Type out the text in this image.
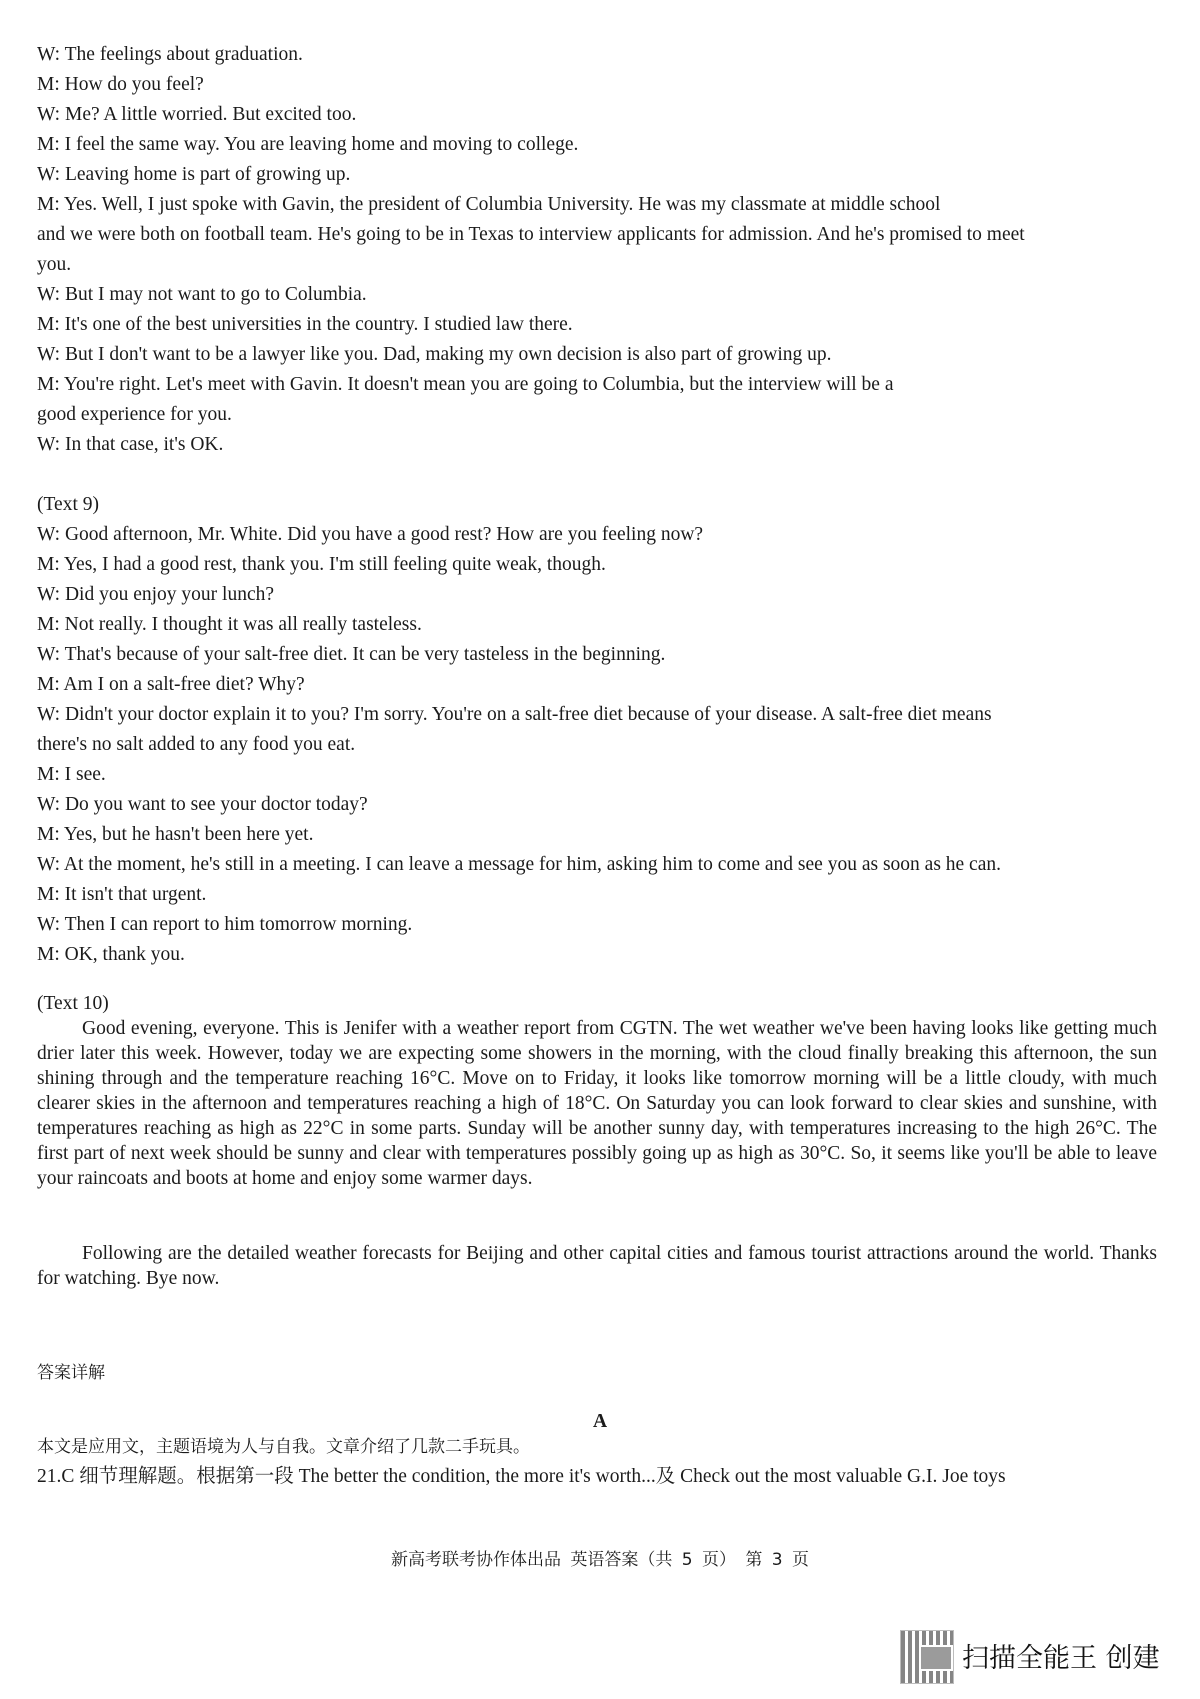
W: The feelings about graduation.
M: How do you feel?
W: Me? A little worried. But excited too.
M: I feel the same way. You are leaving home and moving to college.
W: Leaving home is part of growing up.
M: Yes. Well, I just spoke with Gavin, the president of Columbia University. He was my classmate at middle school
and we were both on football team. He's going to be in Texas to interview applicants for admission. And he's promised to meet
you.
W: But I may not want to go to Columbia.
M: It's one of the best universities in the country. I studied law there.
W: But I don't want to be a lawyer like you. Dad, making my own decision is also part of growing up.
M: You're right. Let's meet with Gavin. It doesn't mean you are going to Columbia, but the interview will be a
good experience for you.
W: In that case, it's OK.
(Text 9)
W: Good afternoon, Mr. White. Did you have a good rest? How are you feeling now?
M: Yes, I had a good rest, thank you. I'm still feeling quite weak, though.
W: Did you enjoy your lunch?
M: Not really. I thought it was all really tasteless.
W: That's because of your salt-free diet. It can be very tasteless in the beginning.
M: Am I on a salt-free diet? Why?
W: Didn't your doctor explain it to you? I'm sorry. You're on a salt-free diet because of your disease. A salt-free diet means
there's no salt added to any food you eat.
M: I see.
W: Do you want to see your doctor today?
M: Yes, but he hasn't been here yet.
W: At the moment, he's still in a meeting. I can leave a message for him, asking him to come and see you as soon as he can.
M: It isn't that urgent.
W: Then I can report to him tomorrow morning.
M: OK, thank you.
(Text 10)

Good evening, everyone. This is Jenifer with a weather report from CGTN. The wet weather we've been having looks like getting much drier later this week. However, today we are expecting some showers in the morning, with the cloud finally breaking this afternoon, the sun shining through and the temperature reaching 16°C. Move on to Friday, it looks like tomorrow morning will be a little cloudy, with much clearer skies in the afternoon and temperatures reaching a high of 18°C. On Saturday you can look forward to clear skies and sunshine, with temperatures reaching as high as 22°C in some parts. Sunday will be another sunny day, with temperatures increasing to the high 26°C. The first part of next week should be sunny and clear with temperatures possibly going up as high as 30°C. So, it seems like you'll be able to leave your raincoats and boots at home and enjoy some warmer days.

Following are the detailed weather forecasts for Beijing and other capital cities and famous tourist attractions around the world. Thanks for watching. Bye now.

答案详解
A
本文是应用文，主题语境为人与自我。文章介绍了几款二手玩具。
21.C 细节理解题。根据第一段 The better the condition, the more it's worth...及 Check out the most valuable G.I. Joe toys
新高考联考协作体出品 英语答案（共 5 页） 第 3 页
扫描全能王 创建
